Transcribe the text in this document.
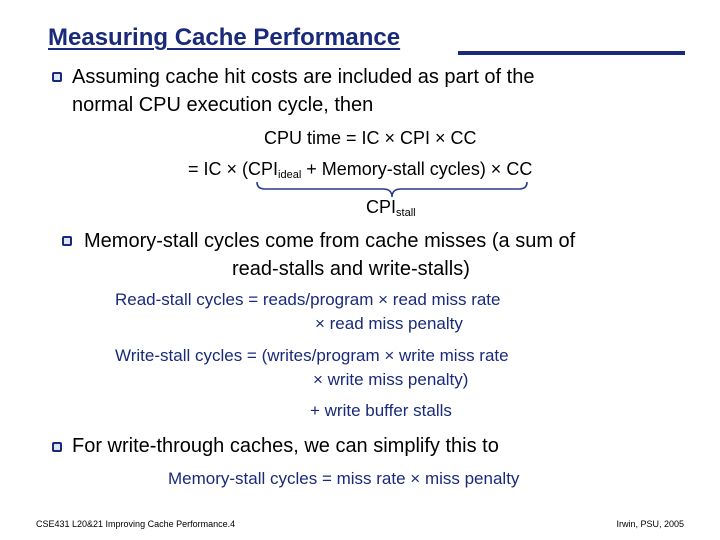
Measuring Cache Performance
Assuming cache hit costs are included as part of the
normal CPU execution cycle, then
CPU time = IC × CPI × CC
= IC × ($CPI_{ideal}$ + Memory-stall cycles) × CC
$CPI_{stall}$
Memory-stall cycles come from cache misses (a sum of
read-stalls and write-stalls)
Read-stall cycles = reads/program × read miss rate
× read miss penalty
Write-stall cycles = (writes/program × write miss rate
× write miss penalty)
+ write buffer stalls
For write-through caches, we can simplify this to
Memory-stall cycles = miss rate × miss penalty
CSE431 L20&21 Improving Cache Performance.4	Irwin, PSU, 2005
